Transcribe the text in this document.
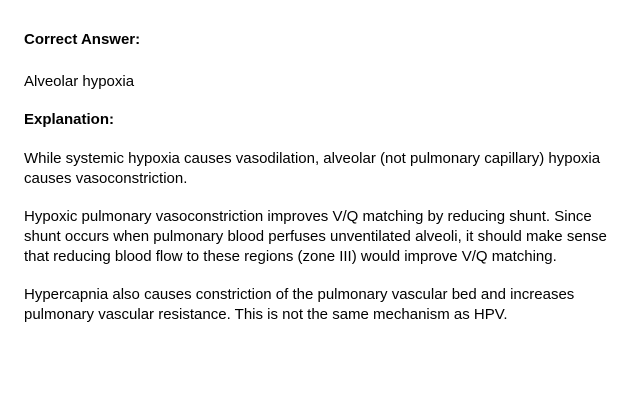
Correct Answer:

Alveolar hypoxia

Explanation:

While systemic hypoxia causes vasodilation, alveolar (not pulmonary capillary) hypoxia causes vasoconstriction.

Hypoxic pulmonary vasoconstriction improves V/Q matching by reducing shunt. Since shunt occurs when pulmonary blood perfuses unventilated alveoli, it should make sense that reducing blood flow to these regions (zone III) would improve V/Q matching.

Hypercapnia also causes constriction of the pulmonary vascular bed and increases pulmonary vascular resistance. This is not the same mechanism as HPV.
